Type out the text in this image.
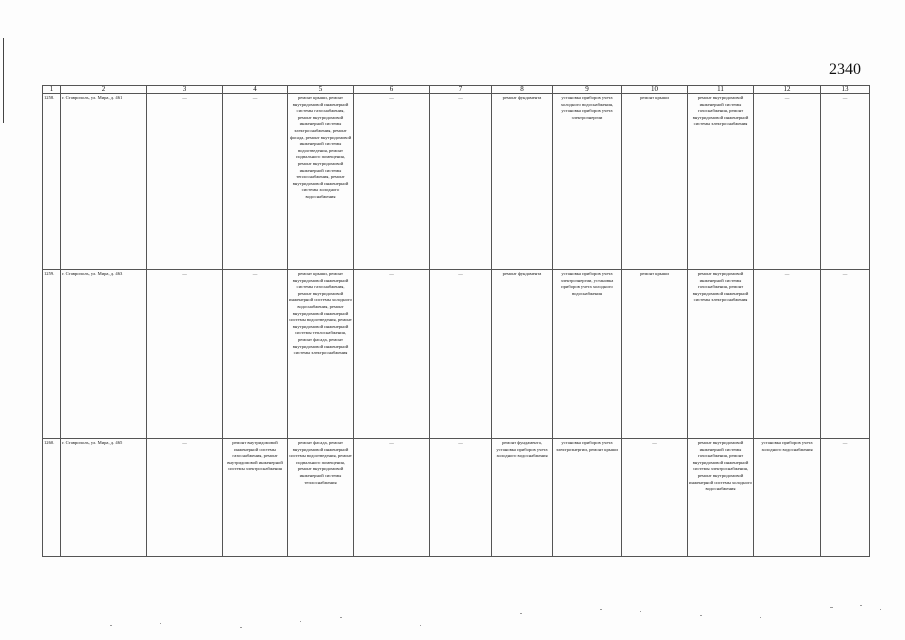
2340
1	2	3	4	5	6	7	8	9	10	11	12	13
1258.	г. Ставрополь, ул. Мира, д. 461	—	—	ремонт крыши, ремонт внутридомовой инженерной системы газоснабжения, ремонт внутридомовой инженерной системы электроснабжения, ремонт фасада, ремонт внутридомовой инженерной системы водоотведения, ремонт подвального помещения, ремонт внутридомовой инженерной системы теплоснабжения, ремонт внутридомовой инженерной системы холодного водоснабжения	—	—	ремонт фундамента	установка приборов учета холодного водоснабжения, установка приборов учета электроэнергии	ремонт крыши	ремонт внутридомовой инженерной системы газоснабжения, ремонт внутридомовой инженерной системы электроснабжения	—	—
1259.	г. Ставрополь, ул. Мира, д. 463	—	—	ремонт крыши, ремонт внутридомовой инженерной системы газоснабжения, ремонт внутридомовой инженерной системы холодного водоснабжения, ремонт внутридомовой инженерной системы водоотведения, ремонт внутридомовой инженерной системы теплоснабжения, ремонт фасада, ремонт внутридомовой инженерной системы электроснабжения	—	—	ремонт фундамента	установка приборов учета электроэнергии, установка приборов учета холодного водоснабжения	ремонт крыши	ремонт внутридомовой инженерной системы газоснабжения, ремонт внутридомовой инженерной системы электроснабжения	—	—
1260.	г. Ставрополь, ул. Мира, д. 465	—	ремонт внутридомовой инженерной системы газоснабжения, ремонт внутридомовой инженерной системы электроснабжения	ремонт фасада, ремонт внутридомовой инженерной системы водоотведения, ремонт подвального помещения, ремонт внутридомовой инженерной системы теплоснабжения	—	—	ремонт фундамента, установка приборов учета холодного водоснабжения	установка приборов учета электроэнергии, ремонт крыши	—	ремонт внутридомовой инженерной системы газоснабжения, ремонт внутридомовой инженерной системы электроснабжения, ремонт внутридомовой инженерной системы холодного водоснабжения	установка приборов учета холодного водоснабжения	—
